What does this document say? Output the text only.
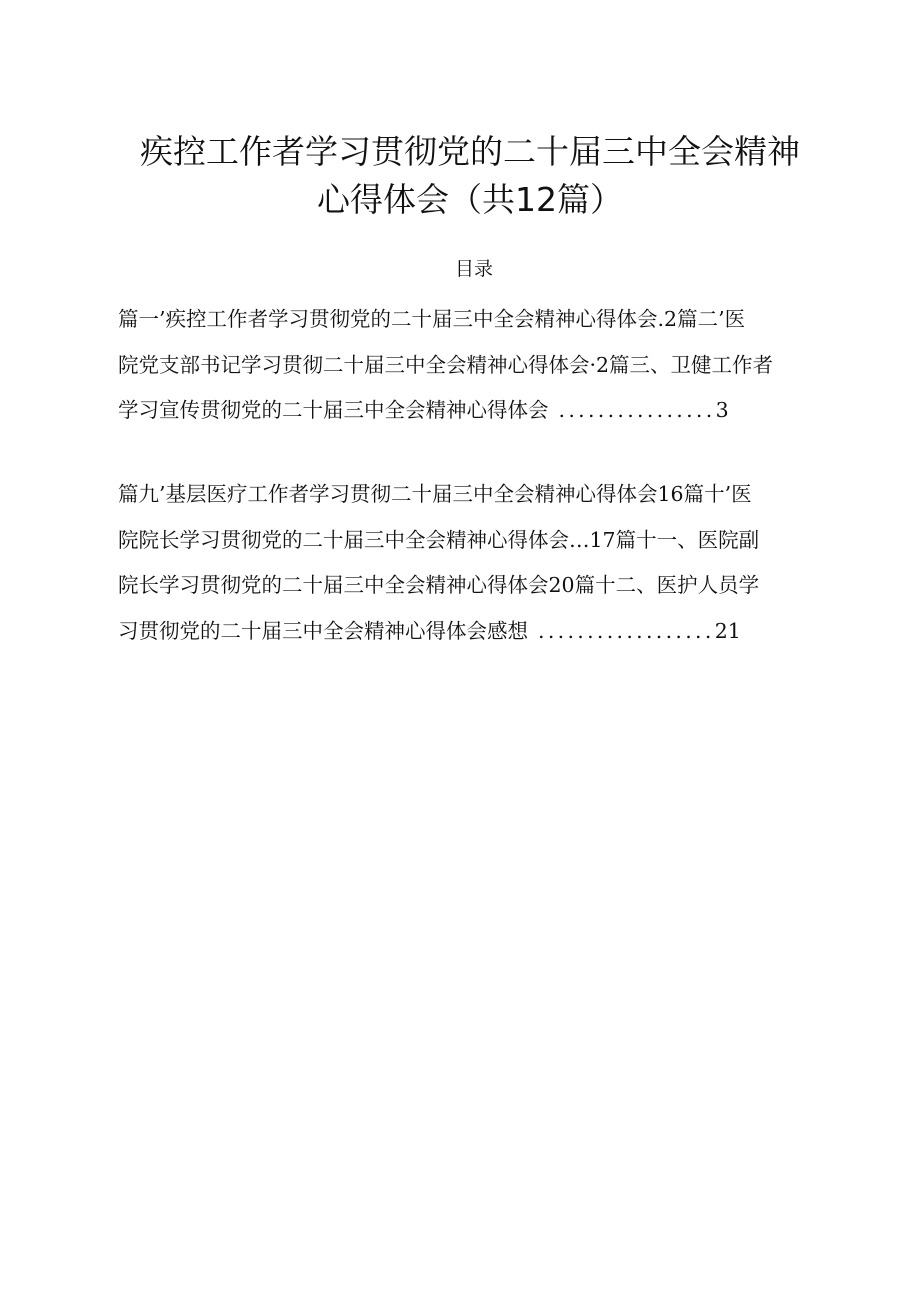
疾控工作者学习贯彻党的二十届三中全会精神
心得体会（共12篇）
目录
篇一’疾控工作者学习贯彻党的二十届三中全会精神心得体会.2篇二’医
院党支部书记学习贯彻二十届三中全会精神心得体会·2篇三、卫健工作者
学习宣传贯彻党的二十届三中全会精神心得体会 ................3
篇九’基层医疗工作者学习贯彻二十届三中全会精神心得体会16篇十’医
院院长学习贯彻党的二十届三中全会精神心得体会…17篇十一、医院副
院长学习贯彻党的二十届三中全会精神心得体会20篇十二、医护人员学
习贯彻党的二十届三中全会精神心得体会感想 ..................21
